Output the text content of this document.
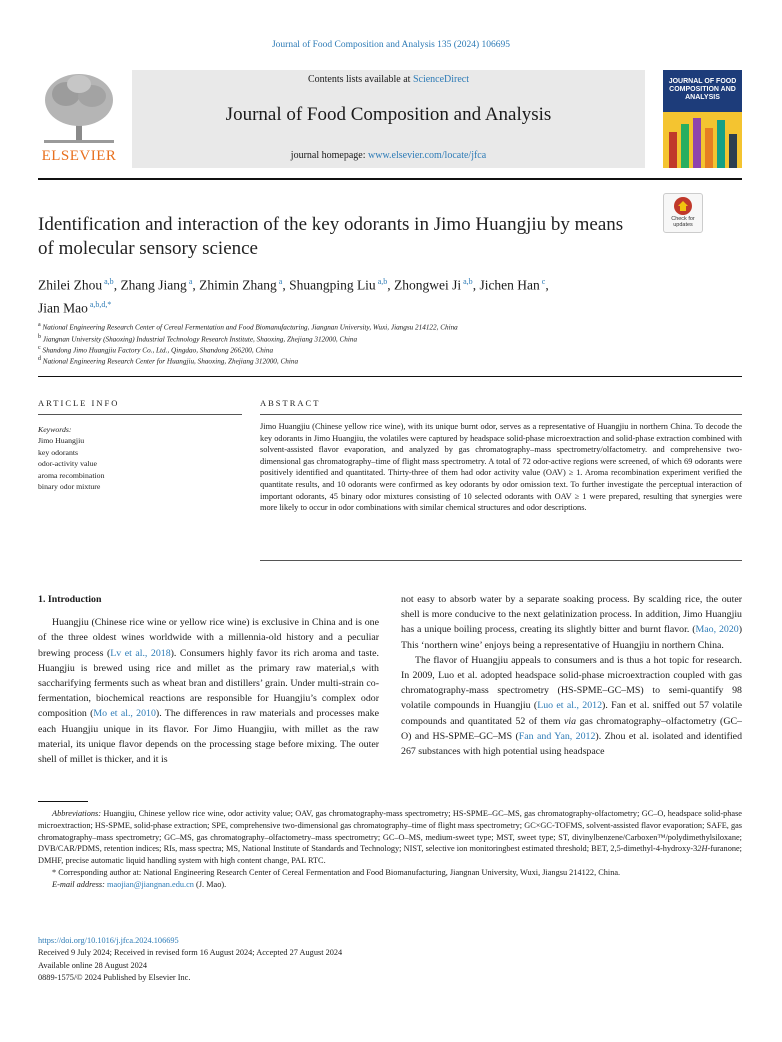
Journal of Food Composition and Analysis 135 (2024) 106695
ELSEVIER
Contents lists available at ScienceDirect
Journal of Food Composition and Analysis
journal homepage: www.elsevier.com/locate/jfca
JOURNAL OF FOOD COMPOSITION AND ANALYSIS
Check for updates
Identification and interaction of the key odorants in Jimo Huangjiu by means of molecular sensory science
Zhilei Zhou $^{a,b}$, Zhang Jiang $^a$, Zhimin Zhang $^a$, Shuangping Liu $^{a,b}$, Zhongwei Ji $^{a,b}$, Jichen Han $^c$,
Jian Mao $^{a,b,d,*}$
$^a$ National Engineering Research Center of Cereal Fermentation and Food Biomanufacturing, Jiangnan University, Wuxi, Jiangsu 214122, China
$^b$ Jiangnan University (Shaoxing) Industrial Technology Research Institute, Shaoxing, Zhejiang 312000, China
$^c$ Shandong Jimo Huangjiu Factory Co., Ltd., Qingdao, Shandong 266200, China
$^d$ National Engineering Research Center for Huangjiu, Shaoxing, Zhejiang 312000, China
ARTICLE INFO
Keywords:
Jimo Huangjiu
key odorants
odor-activity value
aroma recombination
binary odor mixture
ABSTRACT
Jimo Huangjiu (Chinese yellow rice wine), with its unique burnt odor, serves as a representative of Huangjiu in northern China. To decode the key odorants in Jimo Huangjiu, the volatiles were captured by headspace solid-phase microextraction and solid-phase extraction combined with solvent-assisted flavor evaporation, and analyzed by gas chromatography–mass spectrometry/olfactometry. and comprehensive two-dimensional gas chromatography–time of flight mass spectrometry. A total of 72 odor-active regions were screened, of which 69 odorants were positively identified and quantitated. Thirty-three of them had odor activity value (OAV) ≥ 1. Aroma recombination experiment verified the quantitate results, and 10 odorants were confirmed as key odorants by odor omission text. To further investigate the perceptual interaction of important odorants, 45 binary odor mixtures consisting of 10 selected odorants with OAV ≥ 1 were prepared, resulting that synergies were more likely to occur in odor combinations with similar chemical structures and odor descriptions.

1. Introduction

Huangjiu (Chinese rice wine or yellow rice wine) is exclusive in China and is one of the three oldest wines worldwide with a millennia-old history and a peculiar brewing process (Lv et al., 2018). Consumers highly favor its rich aroma and taste. Huangjiu is brewed using rice and millet as the primary raw material,s with saccharifying ferments such as wheat bran and distillers’ grain. Under multi-strain co-fermentation, biochemical reactions are responsible for Huangjiu’s complex odor composition (Mo et al., 2010). The differences in raw materials and processes make each Huangjiu unique in its flavor. For Jimo Huangjiu, with millet as the raw material, its unique flavor depends on the processing stage before mixing. The outer shell of millet is thicker, and it is

not easy to absorb water by a separate soaking process. By scalding rice, the outer shell is more conducive to the next gelatinization process. In addition, Jimo Huangjiu has a unique boiling process, creating its slightly bitter and burnt flavor. (Mao, 2020) This ‘northern wine’ enjoys being a representative of Huangjiu in northern China.

The flavor of Huangjiu appeals to consumers and is thus a hot topic for research. In 2009, Luo et al. adopted headspace solid-phase microextraction coupled with gas chromatography-mass spectrometry (HS-SPME–GC–MS) to semi-quantify 98 volatile compounds in Huangjiu (Luo et al., 2012). Fan et al. sniffed out 57 volatile compounds and quantitated 52 of them via gas chromatography–olfactometry (GC–O) and HS-SPME–GC–MS (Fan and Yan, 2012). Zhou et al. isolated and identified 267 substances with high potential using headspace

Abbreviations: Huangjiu, Chinese yellow rice wine, odor activity value; OAV, gas chromatography-mass spectrometry; HS-SPME–GC–MS, gas chromatography-olfactometry; GC–O, headspace solid-phase microextraction; HS-SPME, solid-phase extraction; SPE, comprehensive two-dimensional gas chromatography–time of flight mass spectrometry; GC×GC-TOFMS, solvent-assisted flavor evaporation; SAFE, gas chromatography–mass spectrometry; GC–MS, gas chromatography–olfactometry–mass spectrometry; GC–O–MS, medium-sweet type; MST, sweet type; ST, divinylbenzene/Carboxen™/polydimethylsiloxane; DVB/CAR/PDMS, retention indices; RIs, mass spectra; MS, National Institute of Standards and Technology; NIST, selective ion monitoringbest estimated threshold; BET, 2,5-dimethyl-4-hydroxy-32H-furanone; DMHF, precise automatic liquid handling system with high content change, PAL RTC.

* Corresponding author at: National Engineering Research Center of Cereal Fermentation and Food Biomanufacturing, Jiangnan University, Wuxi, Jiangsu 214122, China.

E-mail address: maojian@jiangnan.edu.cn (J. Mao).

https://doi.org/10.1016/j.jfca.2024.106695
Received 9 July 2024; Received in revised form 16 August 2024; Accepted 27 August 2024
Available online 28 August 2024
0889-1575/© 2024 Published by Elsevier Inc.
